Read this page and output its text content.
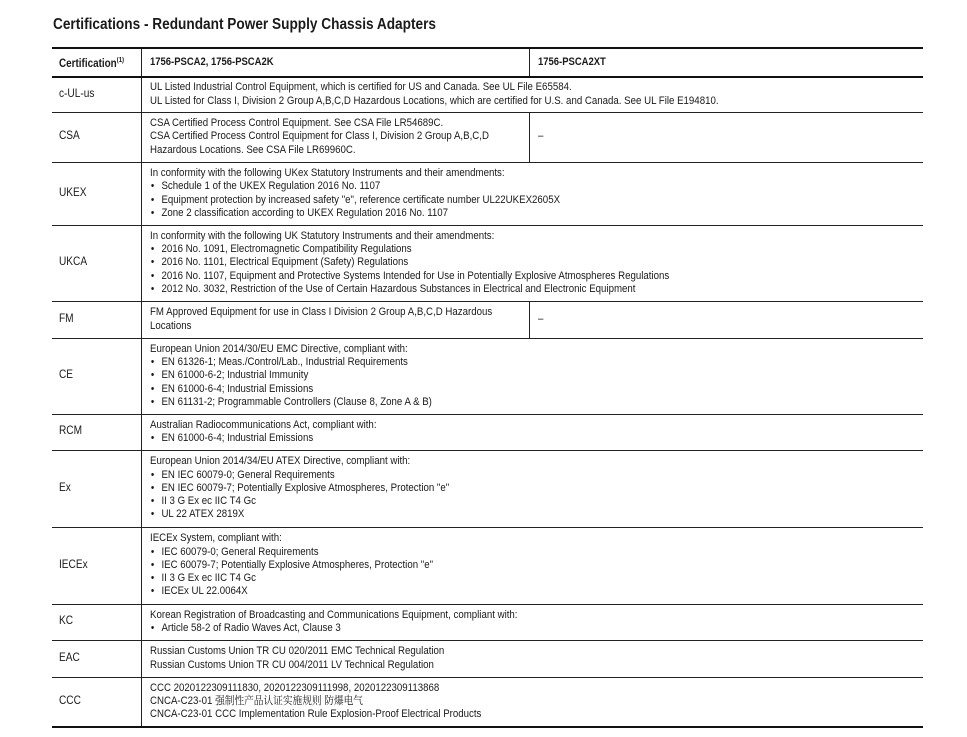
Certifications - Redundant Power Supply Chassis Adapters
Certification$^{(1)}$	1756-PSCA2, 1756-PSCA2K	1756-PSCA2XT

c-UL-us	UL Listed Industrial Control Equipment, which is certified for US and Canada. See UL File E65584.
UL Listed for Class I, Division 2 Group A,B,C,D Hazardous Locations, which are certified for U.S. and Canada. See UL File E194810.	

CSA	CSA Certified Process Control Equipment. See CSA File LR54689C.
CSA Certified Process Control Equipment for Class I, Division 2 Group A,B,C,D
Hazardous Locations. See CSA File LR69960C.	–

UKEX	In conformity with the following UKex Statutory Instruments and their amendments:
• Schedule 1 of the UKEX Regulation 2016 No. 1107
• Equipment protection by increased safety "e", reference certificate number UL22UKEX2605X
• Zone 2 classification according to UKEX Regulation 2016 No. 1107

UKCA	In conformity with the following UK Statutory Instruments and their amendments:
• 2016 No. 1091, Electromagnetic Compatibility Regulations
• 2016 No. 1101, Electrical Equipment (Safety) Regulations
• 2016 No. 1107, Equipment and Protective Systems Intended for Use in Potentially Explosive Atmospheres Regulations
• 2012 No. 3032, Restriction of the Use of Certain Hazardous Substances in Electrical and Electronic Equipment

FM	FM Approved Equipment for use in Class I Division 2 Group A,B,C,D Hazardous
Locations	–

CE	European Union 2014/30/EU EMC Directive, compliant with:
• EN 61326-1; Meas./Control/Lab., Industrial Requirements
• EN 61000-6-2; Industrial Immunity
• EN 61000-6-4; Industrial Emissions
• EN 61131-2; Programmable Controllers (Clause 8, Zone A & B)

RCM	Australian Radiocommunications Act, compliant with:
• EN 61000-6-4; Industrial Emissions

Ex	European Union 2014/34/EU ATEX Directive, compliant with:
• EN IEC 60079-0; General Requirements
• EN IEC 60079-7; Potentially Explosive Atmospheres, Protection "e"
• II 3 G Ex ec IIC T4 Gc
• UL 22 ATEX 2819X

IECEx	IECEx System, compliant with:
• IEC 60079-0; General Requirements
• IEC 60079-7; Potentially Explosive Atmospheres, Protection "e"
• II 3 G Ex ec IIC T4 Gc
• IECEx UL 22.0064X

KC	Korean Registration of Broadcasting and Communications Equipment, compliant with:
• Article 58-2 of Radio Waves Act, Clause 3

EAC	Russian Customs Union TR CU 020/2011 EMC Technical Regulation
Russian Customs Union TR CU 004/2011 LV Technical Regulation	

CCC	CCC 2020122309111830, 2020122309111998, 2020122309113868
CNCA-C23-01 强制性产品认证实施规则 防爆电气
CNCA-C23-01 CCC Implementation Rule Explosion-Proof Electrical Products	
